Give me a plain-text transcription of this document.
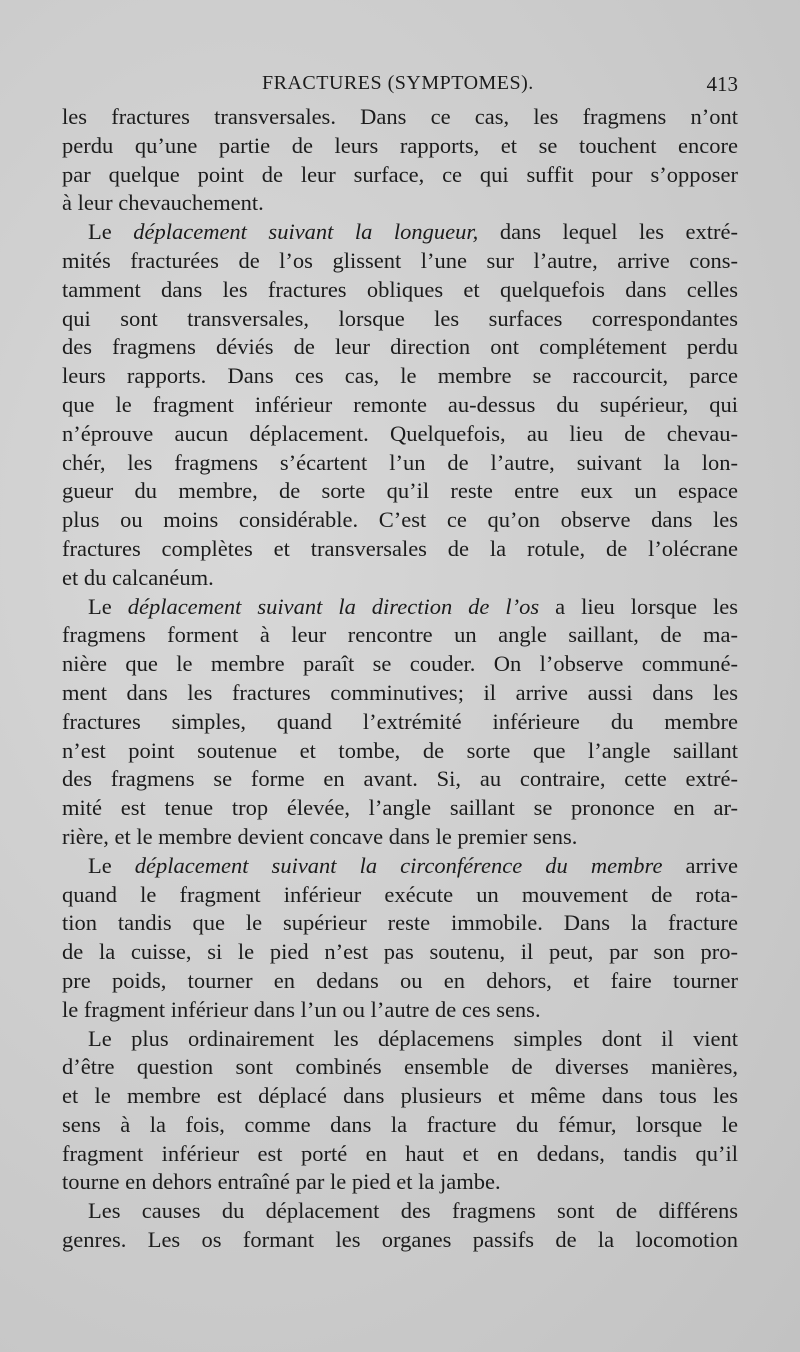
FRACTURES (SYMPTOMES).	413
les fractures transversales. Dans ce cas, les fragmens n’ont
perdu qu’une partie de leurs rapports, et se touchent encore
par quelque point de leur surface, ce qui suffit pour s’opposer
à leur chevauchement.
Le déplacement suivant la longueur, dans lequel les extré-
mités fracturées de l’os glissent l’une sur l’autre, arrive cons-
tamment dans les fractures obliques et quelquefois dans celles
qui sont transversales, lorsque les surfaces correspondantes
des fragmens déviés de leur direction ont complétement perdu
leurs rapports. Dans ces cas, le membre se raccourcit, parce
que le fragment inférieur remonte au-dessus du supérieur, qui
n’éprouve aucun déplacement. Quelquefois, au lieu de chevau-
chér, les fragmens s’écartent l’un de l’autre, suivant la lon-
gueur du membre, de sorte qu’il reste entre eux un espace
plus ou moins considérable. C’est ce qu’on observe dans les
fractures complètes et transversales de la rotule, de l’olécrane
et du calcanéum.
Le déplacement suivant la direction de l’os a lieu lorsque les
fragmens forment à leur rencontre un angle saillant, de ma-
nière que le membre paraît se couder. On l’observe communé-
ment dans les fractures comminutives; il arrive aussi dans les
fractures simples, quand l’extrémité inférieure du membre
n’est point soutenue et tombe, de sorte que l’angle saillant
des fragmens se forme en avant. Si, au contraire, cette extré-
mité est tenue trop élevée, l’angle saillant se prononce en ar-
rière, et le membre devient concave dans le premier sens.
Le déplacement suivant la circonférence du membre arrive
quand le fragment inférieur exécute un mouvement de rota-
tion tandis que le supérieur reste immobile. Dans la fracture
de la cuisse, si le pied n’est pas soutenu, il peut, par son pro-
pre poids, tourner en dedans ou en dehors, et faire tourner
le fragment inférieur dans l’un ou l’autre de ces sens.
Le plus ordinairement les déplacemens simples dont il vient
d’être question sont combinés ensemble de diverses manières,
et le membre est déplacé dans plusieurs et même dans tous les
sens à la fois, comme dans la fracture du fémur, lorsque le
fragment inférieur est porté en haut et en dedans, tandis qu’il
tourne en dehors entraîné par le pied et la jambe.
Les causes du déplacement des fragmens sont de différens
genres. Les os formant les organes passifs de la locomotion
